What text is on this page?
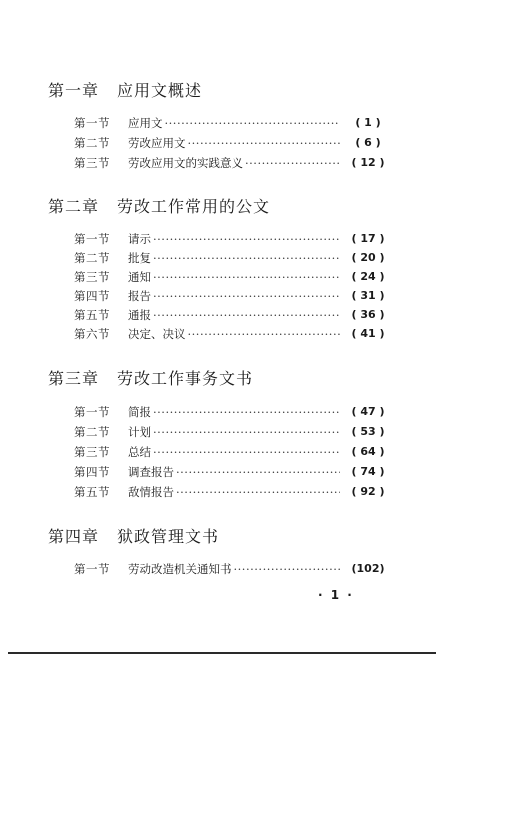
第一章 应用文概述
第一节	应用文 ·····	( 1 )
第二节	劳改应用文 ·····	( 6 )
第三节	劳改应用文的实践意义 ·····	( 12 )
第二章 劳改工作常用的公文
第一节	请示 ·····	( 17 )
第二节	批复 ·····	( 20 )
第三节	通知 ·····	( 24 )
第四节	报告 ·····	( 31 )
第五节	通报 ·····	( 36 )
第六节	决定、决议 ·····	( 41 )
第三章 劳改工作事务文书
第一节	简报 ·····	( 47 )
第二节	计划 ·····	( 53 )
第三节	总结 ·····	( 64 )
第四节	调查报告 ·····	( 74 )
第五节	敌情报告 ·····	( 92 )
第四章 狱政管理文书
第一节	劳动改造机关通知书 ·····	(102)
· 1 ·
